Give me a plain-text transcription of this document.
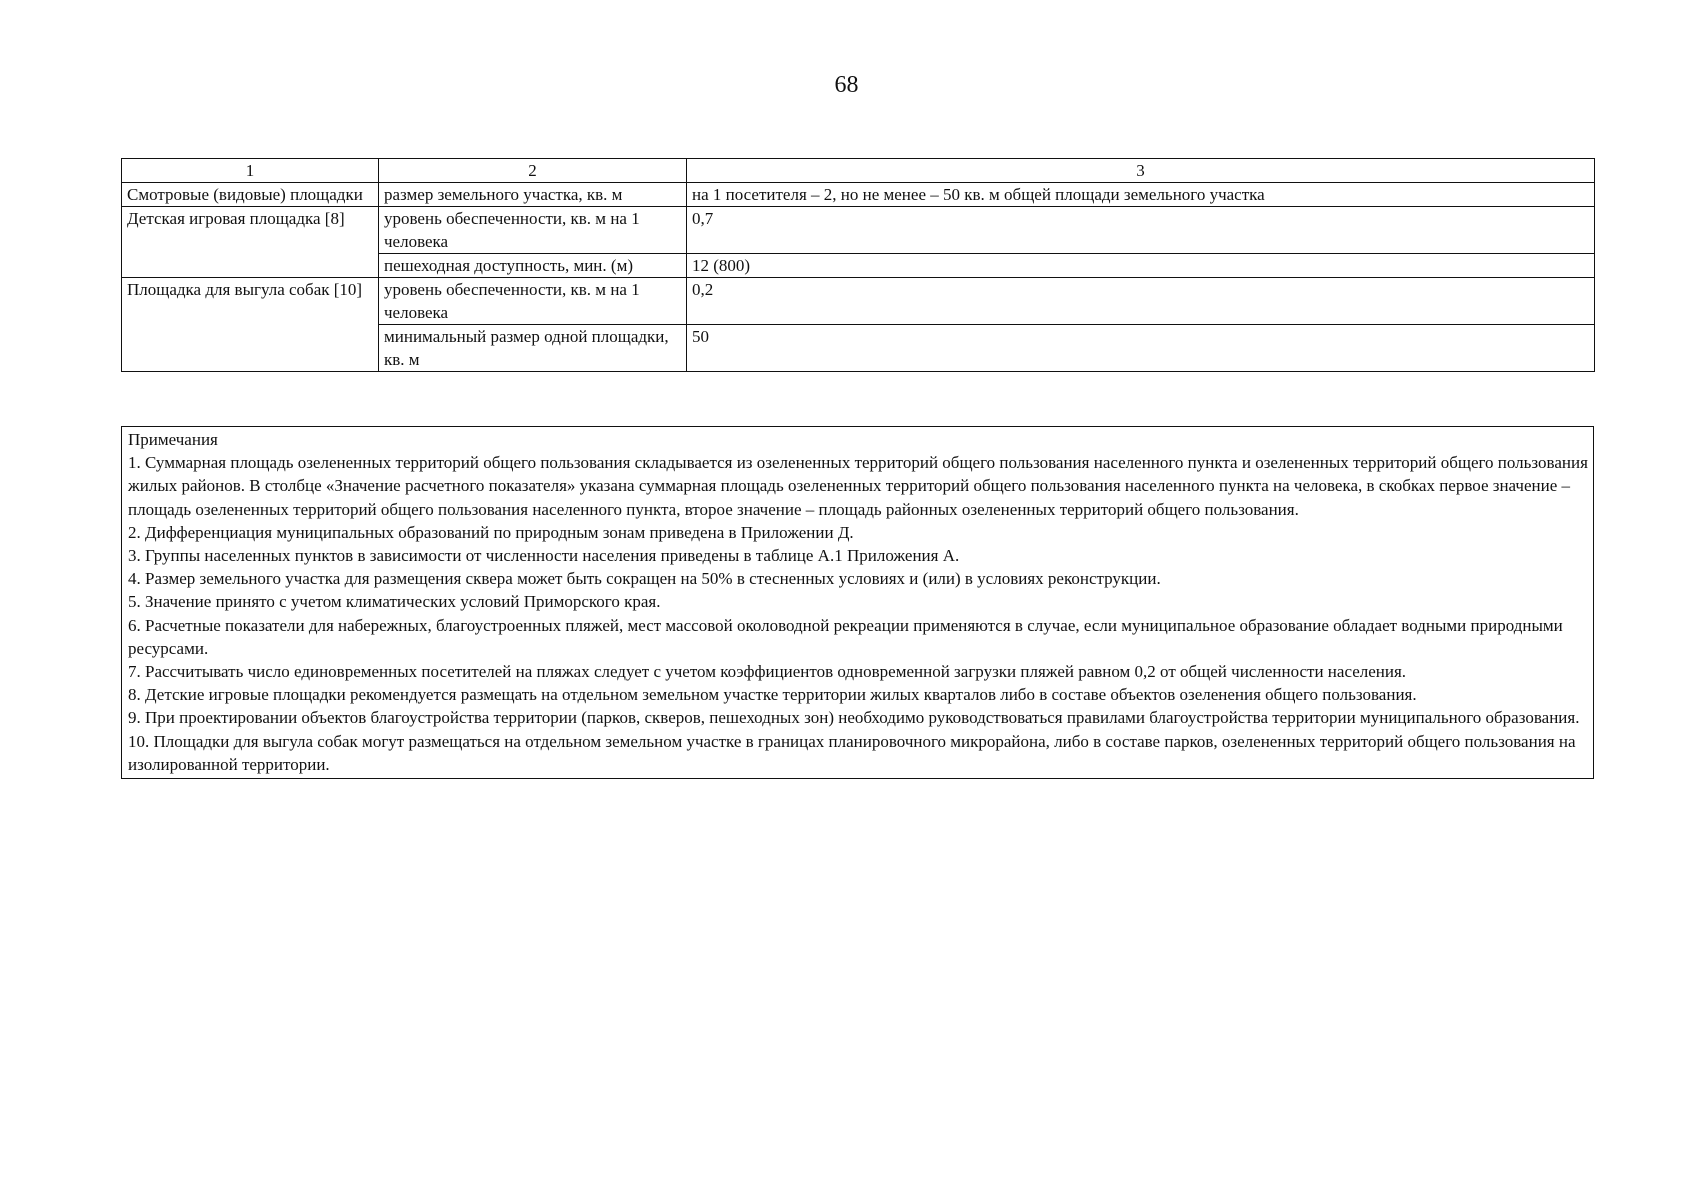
68
1	2	3
Смотровые (видовые) площадки	размер земельного участка, кв. м	на 1 посетителя – 2, но не менее – 50 кв. м общей площади земельного участка
Детская игровая площадка [8]	уровень обеспеченности, кв. м на 1 человека	0,7
	пешеходная доступность, мин. (м)	12 (800)
Площадка для выгула собак [10]	уровень обеспеченности, кв. м на 1 человека	0,2
	минимальный размер одной площадки, кв. м	50

Примечания

1. Суммарная площадь озелененных территорий общего пользования складывается из озелененных территорий общего пользования населенного пункта и озелененных территорий общего пользования жилых районов. В столбце «Значение расчетного показателя» указана суммарная площадь озелененных территорий общего пользования населенного пункта на человека, в скобках первое значение – площадь озелененных территорий общего пользования населенного пункта, второе значение – площадь районных озелененных территорий общего пользования.

2. Дифференциация муниципальных образований по природным зонам приведена в Приложении Д.

3. Группы населенных пунктов в зависимости от численности населения приведены в таблице А.1 Приложения А.

4. Размер земельного участка для размещения сквера может быть сокращен на 50% в стесненных условиях и (или) в условиях реконструкции.

5. Значение принято с учетом климатических условий Приморского края.

6. Расчетные показатели для набережных, благоустроенных пляжей, мест массовой околоводной рекреации применяются в случае, если муниципальное образование обладает водными природными ресурсами.

7. Рассчитывать число единовременных посетителей на пляжах следует с учетом коэффициентов одновременной загрузки пляжей равном 0,2 от общей численности населения.

8. Детские игровые площадки рекомендуется размещать на отдельном земельном участке территории жилых кварталов либо в составе объектов озеленения общего пользования.

9. При проектировании объектов благоустройства территории (парков, скверов, пешеходных зон) необходимо руководствоваться правилами благоустройства территории муниципального образования.

10. Площадки для выгула собак могут размещаться на отдельном земельном участке в границах планировочного микрорайона, либо в составе парков, озелененных территорий общего пользования на изолированной территории.
